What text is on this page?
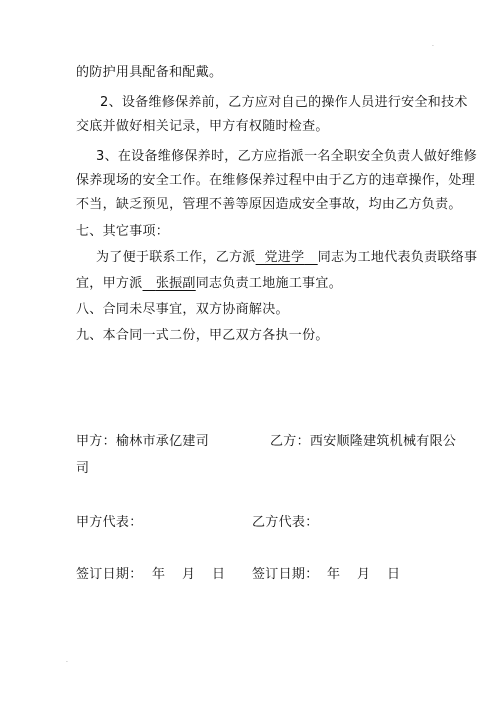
·
的防护用具配备和配戴。
2、设备维修保养前，乙方应对自己的操作人员进行安全和技术
交底并做好相关记录，甲方有权随时检查。
3、在设备维修保养时，乙方应指派一名全职安全负责人做好维修
保养现场的安全工作。在维修保养过程中由于乙方的违章操作，处理
不当，缺乏预见，管理不善等原因造成安全事故，均由乙方负责。
七、其它事项：
为了便于联系工作，乙方派 党进学 同志为工地代表负责联络事
宜，甲方派 张振副同志负责工地施工事宜。
八、合同未尽事宜，双方协商解决。
九、本合同一式二份，甲乙双方各执一份。
甲方：榆林市承亿建司	乙方：西安顺隆建筑机械有限公
司
甲方代表：	乙方代表：
签订日期： 年 月 日 签订日期： 年 月 日
·
